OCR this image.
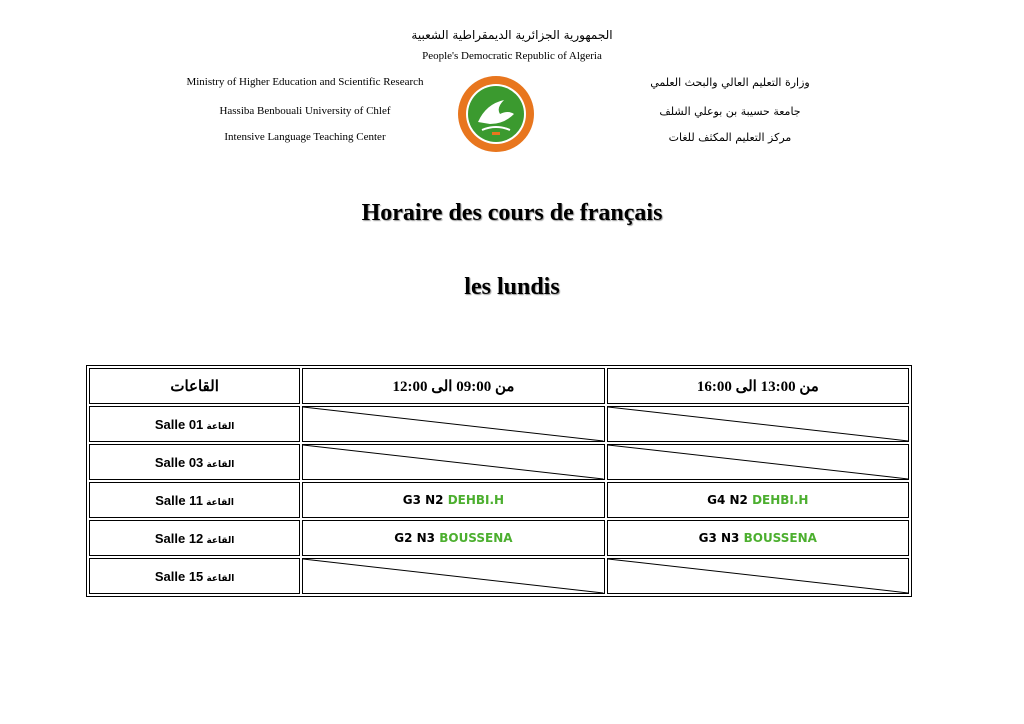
الجمهورية الجزائرية الديمقراطية الشعبية
People's Democratic Republic of Algeria
Ministry of Higher Education and Scientific Research
Hassiba Benbouali University of Chlef
Intensive Language Teaching Center
وزارة التعليم العالي والبحث العلمي
جامعة حسيبة بن بوعلي الشلف
مركز التعليم المكثف للغات
Horaire des cours de français
les lundis
القاعات	من 09:00 الى 12:00	من 13:00 الى 16:00
Salle 01 القاعة	

Salle 03 القاعة	

Salle 11 القاعة	G3 N2 DEHBI.H	G4 N2 DEHBI.H
Salle 12 القاعة	G2 N3 BOUSSENA	G3 N3 BOUSSENA
Salle 15 القاعة	
